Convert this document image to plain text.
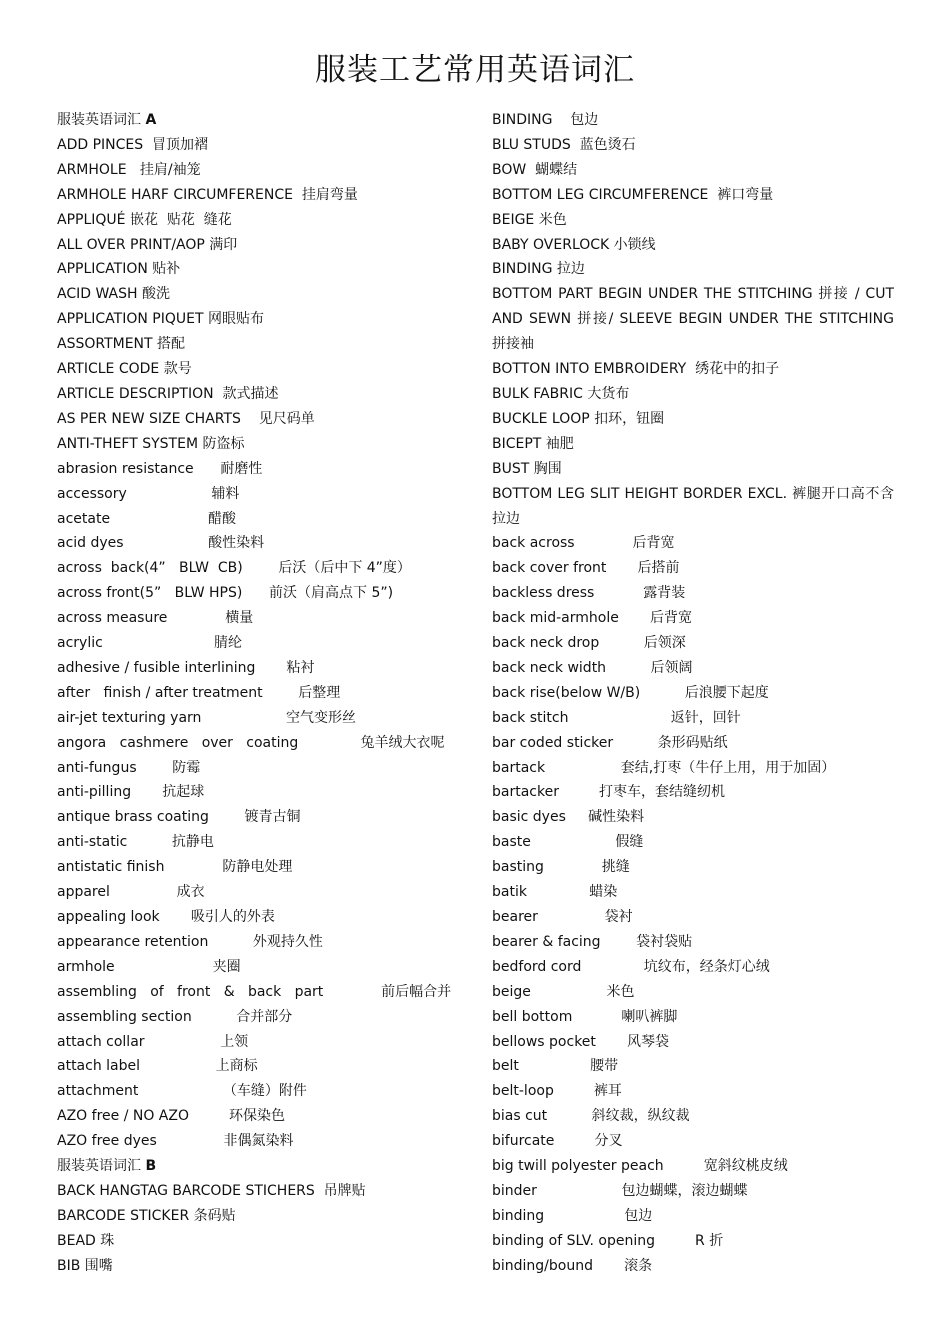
服装工艺常用英语词汇
服装英语词汇 A
ADD PINCES  冒顶加褶
ARMHOLE   挂肩/袖笼
ARMHOLE HARF CIRCUMFERENCE  挂肩弯量
APPLIQUÉ 嵌花  贴花  缝花
ALL OVER PRINT/AOP 满印
APPLICATION 贴补
ACID WASH 酸洗
APPLICATION PIQUET 网眼贴布
ASSORTMENT 搭配
ARTICLE CODE 款号
ARTICLE DESCRIPTION  款式描述
AS PER NEW SIZE CHARTS    见尺码单
ANTI-THEFT SYSTEM 防盗标
abrasion resistance      耐磨性
accessory                   辅料
acetate                      醋酸
acid dyes                   酸性染料
across  back(4”   BLW  CB)        后沃（后中下 4”度）
across front(5”   BLW HPS)      前沃（肩高点下 5”)
across measure             横量
acrylic                         腈纶
adhesive / fusible interlining       粘衬
after   finish / after treatment        后整理
air-jet texturing yarn                   空气变形丝
angora   cashmere   over   coating              兔羊绒大衣呢
anti-fungus        防霉
anti-pilling       抗起球
antique brass coating        镀青古铜
anti-static          抗静电
antistatic finish             防静电处理
apparel               成衣
appealing look       吸引人的外表
appearance retention          外观持久性
armhole                      夹圈
assembling   of   front   &   back   part             前后幅合并
assembling section          合并部分
attach collar                 上领
attach label                 上商标
attachment                   （车缝）附件
AZO free / NO AZO         环保染色
AZO free dyes               非偶氮染料
服装英语词汇 B
BACK HANGTAG BARCODE STICHERS  吊牌贴
BARCODE STICKER 条码贴
BEAD 珠
BIB 围嘴
BINDING    包边
BLU STUDS  蓝色烫石
BOW  蝴蝶结
BOTTOM LEG CIRCUMFERENCE  裤口弯量
BEIGE 米色
BABY OVERLOCK 小锁线
BINDING 拉边
BOTTOM PART BEGIN UNDER THE STITCHING 拼接 / CUT AND SEWN 拼接/ SLEEVE BEGIN UNDER THE STITCHING 拼接袖
BOTTON INTO EMBROIDERY  绣花中的扣子
BULK FABRIC 大货布
BUCKLE LOOP 扣环，钮圈
BICEPT 袖肥
BUST 胸围
BOTTOM LEG SLIT HEIGHT BORDER EXCL. 裤腿开口高不含拉边
back across             后背宽
back cover front       后搭前
backless dress           露背装
back mid-armhole       后背宽
back neck drop          后领深
back neck width          后领阔
back rise(below W/B)          后浪腰下起度
back stitch                       返针，回针
bar coded sticker          条形码贴纸
bartack                 套结,打枣（牛仔上用，用于加固）
bartacker         打枣车，套结缝纫机
basic dyes     碱性染料
baste                   假缝
basting             挑缝
batik              蜡染
bearer               袋衬
bearer & facing        袋衬袋贴
bedford cord              坑纹布，经条灯心绒
beige                 米色
bell bottom           喇叭裤脚
bellows pocket       风琴袋
belt                腰带
belt-loop         裤耳
bias cut          斜纹裁，纵纹裁
bifurcate         分叉
big twill polyester peach         宽斜纹桃皮绒
binder                   包边蝴蝶，滚边蝴蝶
binding                  包边
binding of SLV. opening         R 折
binding/bound       滚条
